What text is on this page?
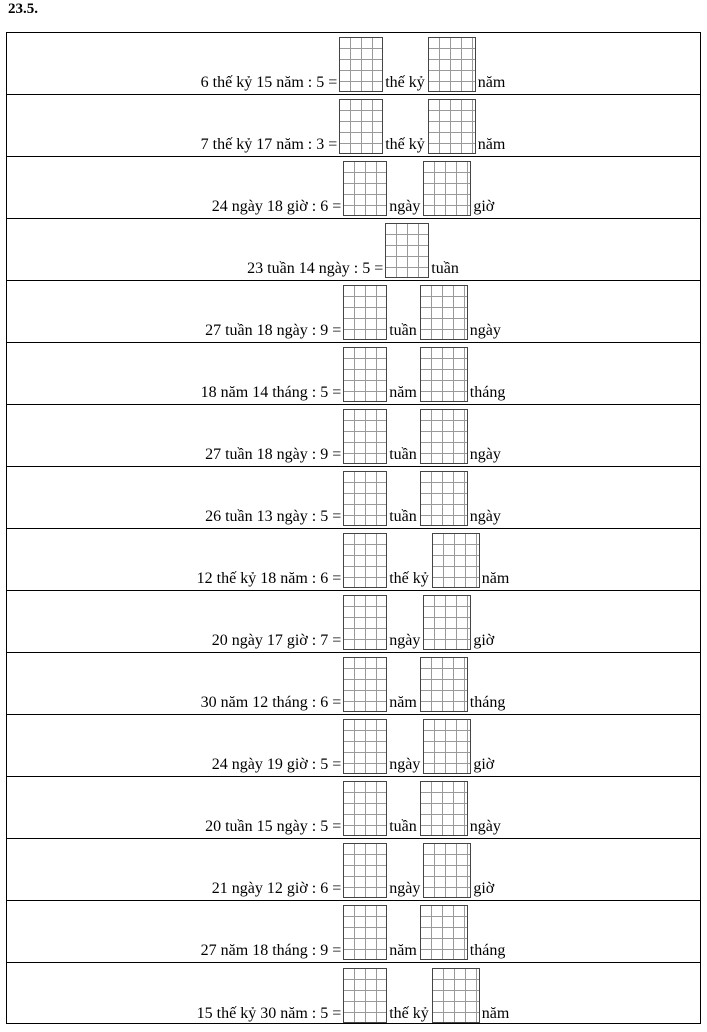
23.5.
6 thế kỷ 15 năm : 5 =	thế kỷ	năm
7 thế kỷ 17 năm : 3 =	thế kỷ	năm
24 ngày 18 giờ : 6 =	ngày	giờ
23 tuần 14 ngày : 5 =	tuần
27 tuần 18 ngày : 9 =	tuần	ngày
18 năm 14 tháng : 5 =	năm	tháng
27 tuần 18 ngày : 9 =	tuần	ngày
26 tuần 13 ngày : 5 =	tuần	ngày
12 thế kỷ 18 năm : 6 =	thế kỷ	năm
20 ngày 17 giờ : 7 =	ngày	giờ
30 năm 12 tháng : 6 =	năm	tháng
24 ngày 19 giờ : 5 =	ngày	giờ
20 tuần 15 ngày : 5 =	tuần	ngày
21 ngày 12 giờ : 6 =	ngày	giờ
27 năm 18 tháng : 9 =	năm	tháng
15 thế kỷ 30 năm : 5 =	thế kỷ	năm
